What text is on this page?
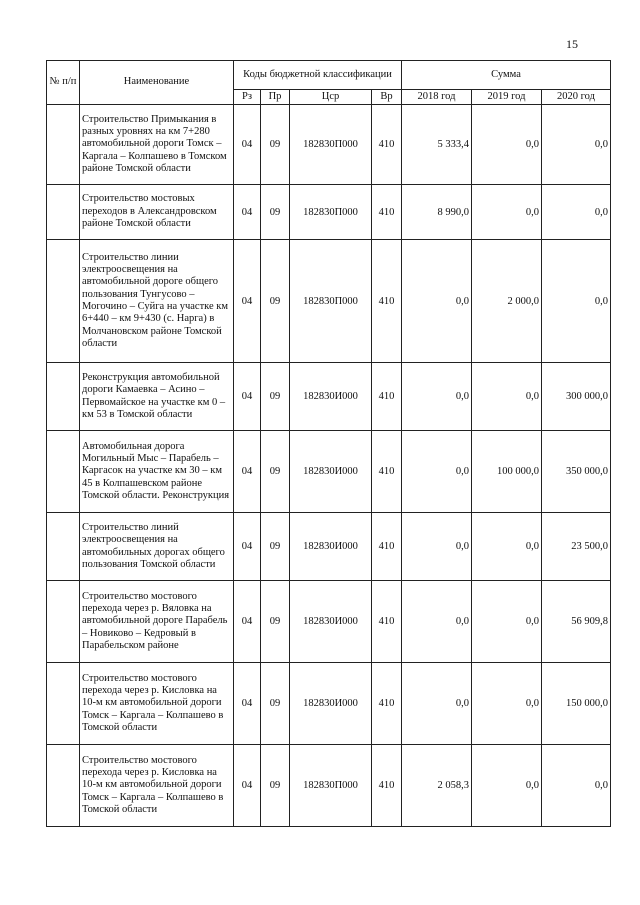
15
№ п/п	Наименование	Коды бюджетной классификации				Сумма		
		Рз	Пр	Цср	Вр	2018 год	2019 год	2020 год
	Строительство Примыкания в разных уровнях на км 7+280 автомобильной дороги Томск – Каргала – Колпашево в Томском районе Томской области	04	09	182830П000	410	5 333,4	0,0	0,0
	Строительство мостовых переходов в Александровском районе Томской области	04	09	182830П000	410	8 990,0	0,0	0,0
	Строительство линии электроосвещения на автомобильной дороге общего пользования Тунгусово – Могочино – Суйга на участке км 6+440 – км 9+430 (с. Нарга) в Молчановском районе Томской области	04	09	182830П000	410	0,0	2 000,0	0,0
	Реконструкция автомобильной дороги Камаевка – Асино – Первомайское на участке км 0 – км 53 в Томской области	04	09	182830И000	410	0,0	0,0	300 000,0
	Автомобильная дорога Могильный Мыс – Парабель – Каргасок на участке км 30 – км 45 в Колпашевском районе Томской области. Реконструкция	04	09	182830И000	410	0,0	100 000,0	350 000,0
	Строительство линий электроосвещения на автомобильных дорогах общего пользования Томской области	04	09	182830И000	410	0,0	0,0	23 500,0
	Строительство мостового перехода через р. Вяловка на автомобильной дороге Парабель – Новиково – Кедровый в Парабельском районе	04	09	182830И000	410	0,0	0,0	56 909,8
	Строительство мостового перехода через р. Кисловка на 10-м км автомобильной дороги Томск – Каргала – Колпашево в Томской области	04	09	182830И000	410	0,0	0,0	150 000,0
	Строительство мостового перехода через р. Кисловка на 10-м км автомобильной дороги Томск – Каргала – Колпашево в Томской области	04	09	182830П000	410	2 058,3	0,0	0,0
